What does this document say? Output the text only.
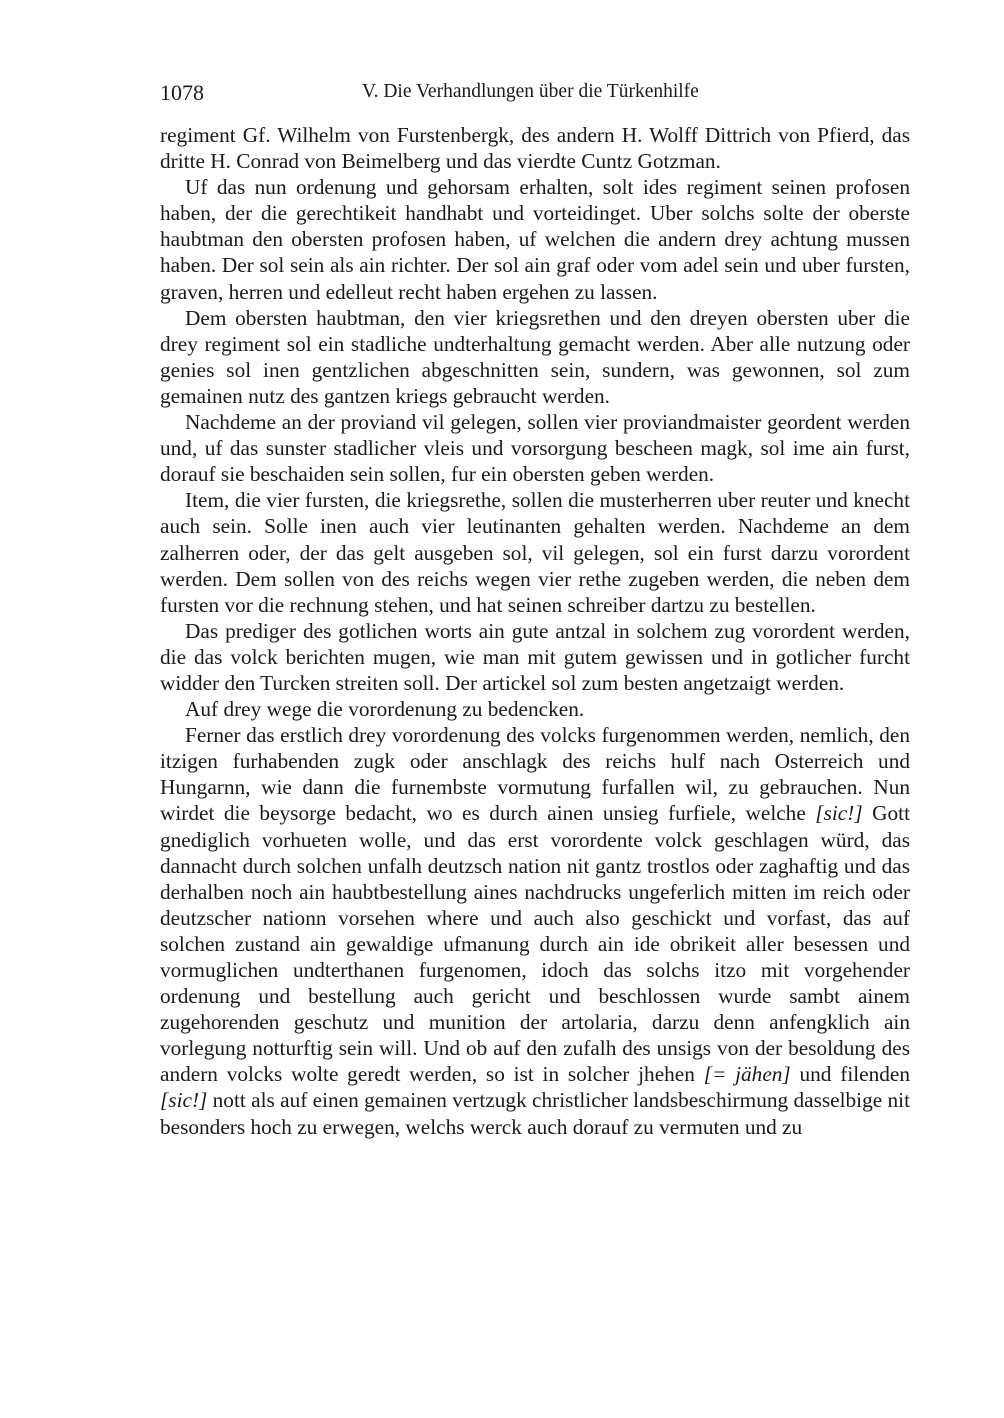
1078	V. Die Verhandlungen über die Türkenhilfe

regiment Gf. Wilhelm von Furstenbergk, des andern H. Wolff Dittrich von Pfierd, das dritte H. Conrad von Beimelberg und das vierdte Cuntz Gotzman.

Uf das nun ordenung und gehorsam erhalten, solt ides regiment seinen profosen haben, der die gerechtikeit handhabt und vorteidinget. Uber solchs solte der oberste haubtman den obersten profosen haben, uf welchen die andern drey achtung mussen haben. Der sol sein als ain richter. Der sol ain graf oder vom adel sein und uber fursten, graven, herren und edelleut recht haben ergehen zu lassen.

Dem obersten haubtman, den vier kriegsrethen und den dreyen obersten uber die drey regiment sol ein stadliche undterhaltung gemacht werden. Aber alle nutzung oder genies sol inen gentzlichen abgeschnitten sein, sundern, was gewonnen, sol zum gemainen nutz des gantzen kriegs gebraucht werden.

Nachdeme an der proviand vil gelegen, sollen vier proviandmaister geordent werden und, uf das sunster stadlicher vleis und vorsorgung bescheen magk, sol ime ain furst, dorauf sie beschaiden sein sollen, fur ein obersten geben werden.

Item, die vier fursten, die kriegsrethe, sollen die musterherren uber reuter und knecht auch sein. Solle inen auch vier leutinanten gehalten werden. Nachdeme an dem zalherren oder, der das gelt ausgeben sol, vil gelegen, sol ein furst darzu vorordent werden. Dem sollen von des reichs wegen vier rethe zugeben werden, die neben dem fursten vor die rechnung stehen, und hat seinen schreiber dartzu zu bestellen.

Das prediger des gotlichen worts ain gute antzal in solchem zug vorordent werden, die das volck berichten mugen, wie man mit gutem gewissen und in gotlicher furcht widder den Turcken streiten soll. Der artickel sol zum besten angetzaigt werden.

Auf drey wege die vorordenung zu bedencken.

Ferner das erstlich drey vorordenung des volcks furgenommen werden, nemlich, den itzigen furhabenden zugk oder anschlagk des reichs hulf nach Osterreich und Hungarnn, wie dann die furnembste vormutung furfallen wil, zu gebrauchen. Nun wirdet die beysorge bedacht, wo es durch ainen unsieg furfiele, welche [sic!] Gott gnediglich vorhueten wolle, und das erst vorordente volck geschlagen würd, das dannacht durch solchen unfalh deutzsch nation nit gantz trostlos oder zaghaftig und das derhalben noch ain haubtbestellung aines nachdrucks ungeferlich mitten im reich oder deutzscher nationn vorsehen where und auch also geschickt und vorfast, das auf solchen zustand ain gewaldige ufmanung durch ain ide obrikeit aller besessen und vormuglichen undterthanen furgenomen, idoch das solchs itzo mit vorgehender ordenung und bestellung auch gericht und beschlossen wurde sambt ainem zugehorenden geschutz und munition der artolaria, darzu denn anfengklich ain vorlegung notturftig sein will. Und ob auf den zufalh des unsigs von der besoldung des andern volcks wolte geredt werden, so ist in solcher jhehen [= jähen] und filenden [sic!] nott als auf einen gemainen vertzugk christlicher landsbeschirmung dasselbige nit besonders hoch zu erwegen, welchs werck auch dorauf zu vermuten und zu
